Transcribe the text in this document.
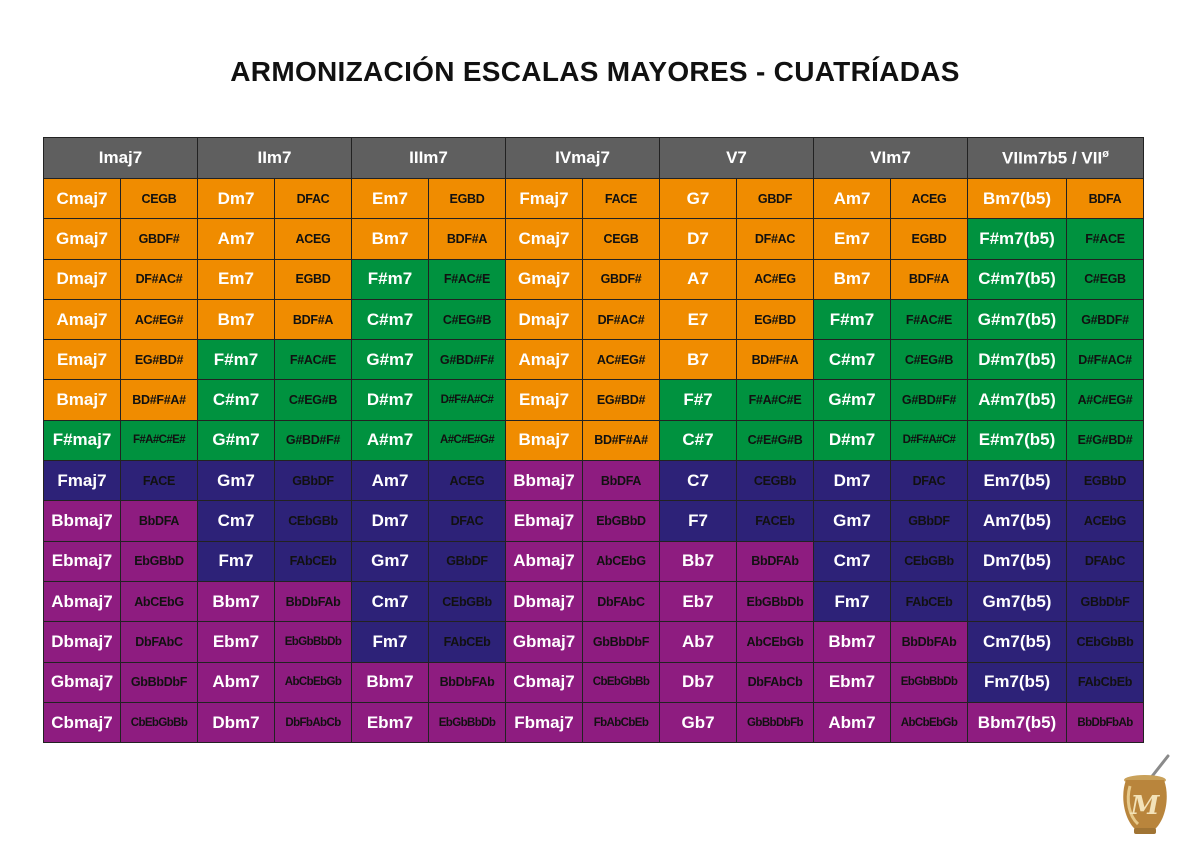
ARMONIZACIÓN ESCALAS MAYORES - CUATRÍADAS
Imaj7		IIm7		IIIm7		IVmaj7		V7		VIm7		VIIm7b5 / $VII^ø$
Cmaj7	CEGB	Dm7	DFAC	Em7	EGBD	Fmaj7	FACE	G7	GBDF	Am7	ACEG	Bm7(b5)	BDFA
Gmaj7	GBDF#	Am7	ACEG	Bm7	BDF#A	Cmaj7	CEGB	D7	DF#AC	Em7	EGBD	F#m7(b5)	F#ACE
Dmaj7	DF#AC#	Em7	EGBD	F#m7	F#AC#E	Gmaj7	GBDF#	A7	AC#EG	Bm7	BDF#A	C#m7(b5)	C#EGB
Amaj7	AC#EG#	Bm7	BDF#A	C#m7	C#EG#B	Dmaj7	DF#AC#	E7	EG#BD	F#m7	F#AC#E	G#m7(b5)	G#BDF#
Emaj7	EG#BD#	F#m7	F#AC#E	G#m7	G#BD#F#	Amaj7	AC#EG#	B7	BD#F#A	C#m7	C#EG#B	D#m7(b5)	D#F#AC#
Bmaj7	BD#F#A#	C#m7	C#EG#B	D#m7	D#F#A#C#	Emaj7	EG#BD#	F#7	F#A#C#E	G#m7	G#BD#F#	A#m7(b5)	A#C#EG#
F#maj7	F#A#C#E#	G#m7	G#BD#F#	A#m7	A#C#E#G#	Bmaj7	BD#F#A#	C#7	C#E#G#B	D#m7	D#F#A#C#	E#m7(b5)	E#G#BD#
Fmaj7	FACE	Gm7	GBbDF	Am7	ACEG	Bbmaj7	BbDFA	C7	CEGBb	Dm7	DFAC	Em7(b5)	EGBbD
Bbmaj7	BbDFA	Cm7	CEbGBb	Dm7	DFAC	Ebmaj7	EbGBbD	F7	FACEb	Gm7	GBbDF	Am7(b5)	ACEbG
Ebmaj7	EbGBbD	Fm7	FAbCEb	Gm7	GBbDF	Abmaj7	AbCEbG	Bb7	BbDFAb	Cm7	CEbGBb	Dm7(b5)	DFAbC
Abmaj7	AbCEbG	Bbm7	BbDbFAb	Cm7	CEbGBb	Dbmaj7	DbFAbC	Eb7	EbGBbDb	Fm7	FAbCEb	Gm7(b5)	GBbDbF
Dbmaj7	DbFAbC	Ebm7	EbGbBbDb	Fm7	FAbCEb	Gbmaj7	GbBbDbF	Ab7	AbCEbGb	Bbm7	BbDbFAb	Cm7(b5)	CEbGbBb
Gbmaj7	GbBbDbF	Abm7	AbCbEbGb	Bbm7	BbDbFAb	Cbmaj7	CbEbGbBb	Db7	DbFAbCb	Ebm7	EbGbBbDb	Fm7(b5)	FAbCbEb
Cbmaj7	CbEbGbBb	Dbm7	DbFbAbCb	Ebm7	EbGbBbDb	Fbmaj7	FbAbCbEb	Gb7	GbBbDbFb	Abm7	AbCbEbGb	Bbm7(b5)	BbDbFbAb
M
